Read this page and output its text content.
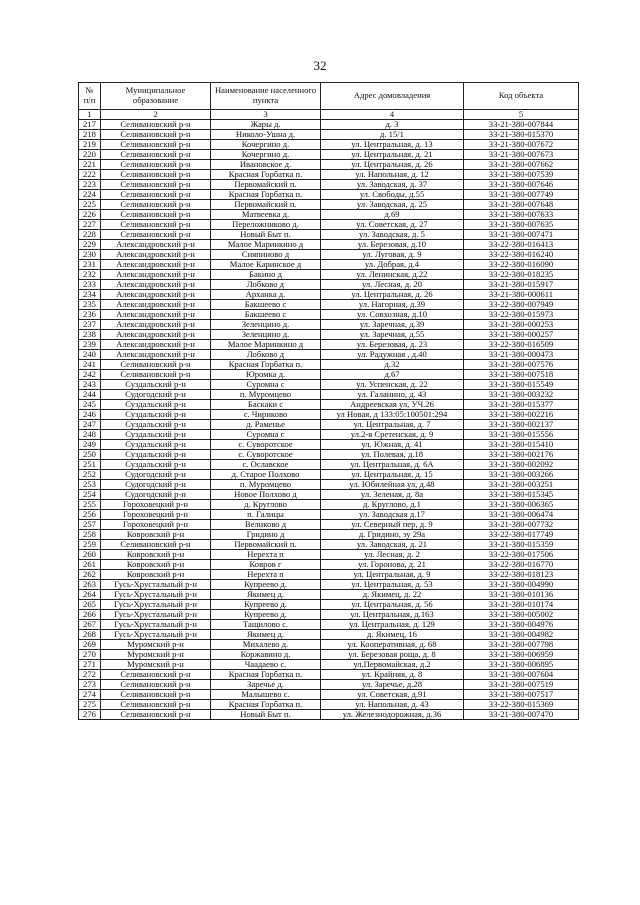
32
№ п/п	Муниципальное образование	Наименование населенного пункта	Адрес домовладения	Код объекта
1	2	3	4	5
217	Селивановский р-н	Жары д.	д. 3	33-21-380-007844
218	Селивановский р-н	Николо-Ушна д.	д. 15/1	33-21-380-015370
219	Селивановский р-н	Кочергино д.	ул. Центральная, д. 13	33-21-380-007672
220	Селивановский р-н	Кочергино д.	ул. Центральная, д. 21	33-21-380-007673
221	Селивановский р-н	Ивановское д.	ул. Центральная, д. 26	33-21-380-007662
222	Селивановский р-н	Красная Горбатка п.	ул. Напольная, д. 12	33-21-380-007539
223	Селивановский р-н	Первомайский п.	ул. Заводская, д. 37	33-21-380-007646
224	Селивановский р-н	Красная Горбатка п.	ул. Свободы, д.55	33-21-380-007749
225	Селивановский р-н	Первомайский п.	ул. Заводская, д. 25	33-21-380-007648
226	Селивановский р-н	Матвеевка д.	д.69	33-21-380-007633
227	Селивановский р-н	Переложниково д.	ул. Советская, д. 27	33-21-380-007635
228	Селивановский р-н	Новый Быт п.	ул. Заводская, д. 5	33-21-380-007471
229	Александровский р-н	Малое Маринкино д	ул. Березовая, д.10	33-22-380-016413
230	Александровский р-н	Сияпиново д	ул. Луговая, д. 9	33-22-380-016240
231	Александровский р-н	Малое Каринское д	ул. Добрая, д.4	33-22-380-016090
232	Александровский р-н	Бакино д	ул. Ленинская, д.22	33-22-380-018235
233	Александровский р-н	Лобково д	ул. Лесная, д. 20	33-21-380-015917
234	Александровский р-н	Арханка д.	ул. Центральная, д. 26	33-21-380-000611
235	Александровский р-н	Бакшеево с	ул. Нагорная, д.39	33-22-380-007949
236	Александровский р-н	Бакшеево с	ул. Совхозная, д.10	33-22-380-015973
237	Александровский р-н	Зеленцино д.	ул. Заречная, д.39	33-21-380-000253
238	Александровский р-н	Зеленцино д.	ул. Заречная, д.55	33-21-380-000257
239	Александровский р-н	Малое Маринкино д	ул. Березовая, д. 23	33-22-380-016509
240	Александровский р-н	Лобково д	ул. Радужная , д.40	33-21-380-000473
241	Селивановский р-н	Красная Горбатка п.	д.32	33-21-380-007576
242	Селивановский р-н	Юромка д.	д.67	33-21-380-007518
243	Суздальский р-н	Суромна с	ул. Успенская, д. 22	33-21-380-015549
244	Судогодский р-н	п. Муромцево	ул. Галанино, д. 43	33-21-380-003232
245	Суздальский р-н	Баскаки с	Андреевская ул, УЧ.26	33-21-380-015377
246	Суздальский р-н	с. Чириково	ул Новая, д 133:05:100501:294	33-21-380-002216
247	Суздальский р-н	д. Раменье	ул. Центральная, д. 7	33-21-380-002137
248	Суздальский р-н	Суромна с	ул.2-я Сретенская, д. 9	33-21-380-015556
249	Суздальский р-н	с. Суворотское	ул. Южная, д. 41	33-21-380-015410
250	Суздальский р-н	с. Суворотское	ул. Полевая, д.18	33-21-380-002176
251	Суздальский р-н	с. Ославское	ул. Центральная, д. 6А	33-21-380-002092
252	Судогодский р-н	д. Старое Полхово	ул. Центральная, д. 15	33-21-380-003266
253	Судогодский р-н	п. Муромцево	ул. Юбилейная ул, д.48	33-21-380-003251
254	Судогодский р-н	Новое Полхово д	ул. Зеленая, д. 8а	33-21-380-015345
255	Гороховецкий р-н	д. Круглово	д. Круглово, д.1	33-21-380-006365
256	Гороховецкий р-н	п. Галицы	ул. Заводская д.17	33-21-380-006474
257	Гороховецкий р-н	Великово д	ул. Северный пер, д. 9	33-21-380-007732
258	Ковровский р-н	Гридино д	д. Гридино, зу 29а	33-22-380-017749
259	Селивановский р-н	Первомайский п.	ул. Заводская, д. 21	33-21-380-015359
260	Ковровский р-н	Нерехта п	ул. Лесная, д. 2	33-22-380-017506
261	Ковровский р-н	Ковров г	ул. Гоpонова, д. 21	33-22-380-016770
262	Ковровский р-н	Нерехта п	ул. Центральная, д. 9	33-22-380-018123
263	Гусь-Хрустальный р-н	Купреево д.	ул. Центральная, д. 53	33-21-380-004990
264	Гусь-Хрустальный р-н	Якимец д.	д. Якимец, д. 22	33-21-380-010136
265	Гусь-Хрустальный р-н	Купреево д.	ул. Центральная, д. 56	33-21-380-010174
266	Гусь-Хрустальный р-н	Купреево д.	ул. Центральная, д.163	33-21-380-005002
267	Гусь-Хрустальный р-н	Тащилово с.	ул. Центральная, д. 129	33-21-380-004976
268	Гусь-Хрустальный р-н	Якимец д.	д. Якимец, 16	33-21-380-004982
269	Муромский р-н	Михалево д.	ул. Кооперативная, д. 68	33-21-380-007798
270	Муромский р-н	Коржавино д.	ул. Березовая роща, д. 8	33-21-380-006959
271	Муромский р-н	Чаадаево с.	ул.Первомайская, д.2	33-21-380-006895
272	Селивановский р-н	Красная Горбатка п.	ул. Крайняя, д. 8	33-21-380-007604
273	Селивановский р-н	Заречье д.	ул. Заречье, д.28	33-21-380-007519
274	Селивановский р-н	Малышево с.	ул. Советская, д.91	33-21-380-007517
275	Селивановский р-н	Красная Горбатка п.	ул. Напольная, д. 43	33-22-380-015369
276	Селивановский р-н	Новый Быт п.	ул. Железнодорожная, д.36	33-21-380-007470
